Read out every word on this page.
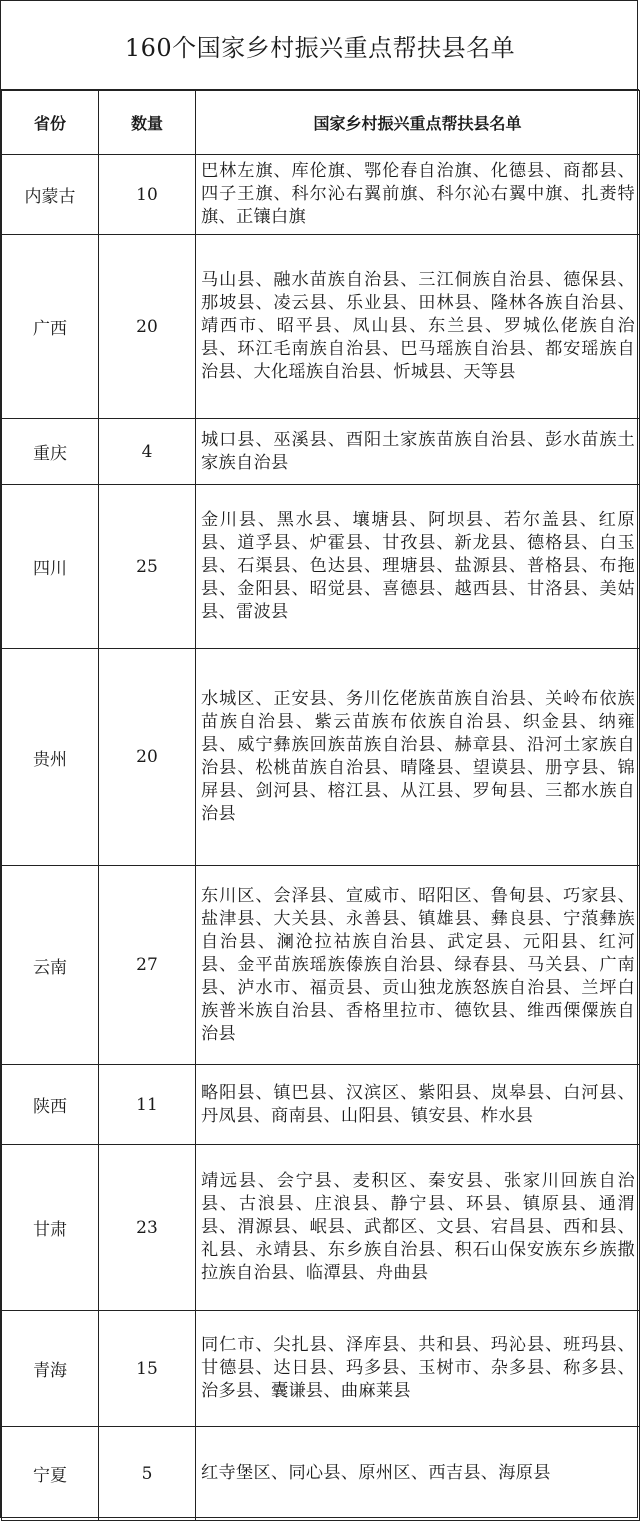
160个国家乡村振兴重点帮扶县名单
省份	数量	国家乡村振兴重点帮扶县名单
内蒙古	10	巴林左旗、库伦旗、鄂伦春自治旗、化德县、商都县、四子王旗、科尔沁右翼前旗、科尔沁右翼中旗、扎赉特旗、正镶白旗
广西	20	马山县、融水苗族自治县、三江侗族自治县、德保县、那坡县、凌云县、乐业县、田林县、隆林各族自治县、靖西市、昭平县、凤山县、东兰县、罗城仫佬族自治县、环江毛南族自治县、巴马瑶族自治县、都安瑶族自治县、大化瑶族自治县、忻城县、天等县
重庆	4	城口县、巫溪县、酉阳土家族苗族自治县、彭水苗族土家族自治县
四川	25	金川县、黑水县、壤塘县、阿坝县、若尔盖县、红原县、道孚县、炉霍县、甘孜县、新龙县、德格县、白玉县、石渠县、色达县、理塘县、盐源县、普格县、布拖县、金阳县、昭觉县、喜德县、越西县、甘洛县、美姑县、雷波县
贵州	20	水城区、正安县、务川仡佬族苗族自治县、关岭布依族苗族自治县、紫云苗族布依族自治县、织金县、纳雍县、威宁彝族回族苗族自治县、赫章县、沿河土家族自治县、松桃苗族自治县、晴隆县、望谟县、册亨县、锦屏县、剑河县、榕江县、从江县、罗甸县、三都水族自治县
云南	27	东川区、会泽县、宣威市、昭阳区、鲁甸县、巧家县、盐津县、大关县、永善县、镇雄县、彝良县、宁蒗彝族自治县、澜沧拉祜族自治县、武定县、元阳县、红河县、金平苗族瑶族傣族自治县、绿春县、马关县、广南县、泸水市、福贡县、贡山独龙族怒族自治县、兰坪白族普米族自治县、香格里拉市、德钦县、维西傈僳族自治县
陕西	11	略阳县、镇巴县、汉滨区、紫阳县、岚皋县、白河县、丹凤县、商南县、山阳县、镇安县、柞水县
甘肃	23	靖远县、会宁县、麦积区、秦安县、张家川回族自治县、古浪县、庄浪县、静宁县、环县、镇原县、通渭县、渭源县、岷县、武都区、文县、宕昌县、西和县、礼县、永靖县、东乡族自治县、积石山保安族东乡族撒拉族自治县、临潭县、舟曲县
青海	15	同仁市、尖扎县、泽库县、共和县、玛沁县、班玛县、甘德县、达日县、玛多县、玉树市、杂多县、称多县、治多县、囊谦县、曲麻莱县
宁夏	5	红寺堡区、同心县、原州区、西吉县、海原县
